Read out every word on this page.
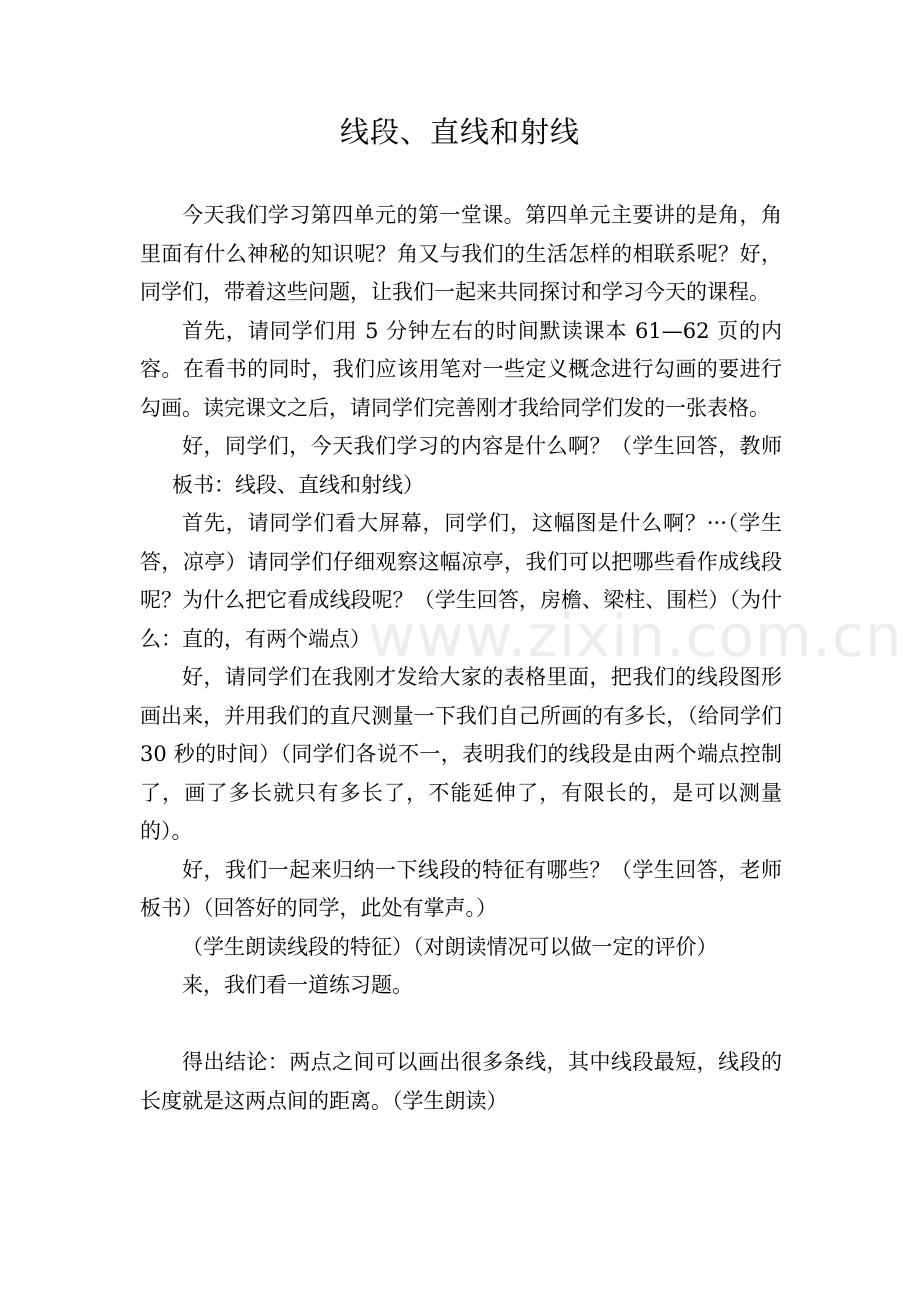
线段、直线和射线

今天我们学习第四单元的第一堂课。第四单元主要讲的是角，角里面有什么神秘的知识呢？角又与我们的生活怎样的相联系呢？好，同学们，带着这些问题，让我们一起来共同探讨和学习今天的课程。

首先，请同学们用 5 分钟左右的时间默读课本 61—62 页的内容。在看书的同时，我们应该用笔对一些定义概念进行勾画的要进行勾画。读完课文之后，请同学们完善刚才我给同学们发的一张表格。

好，同学们，今天我们学习的内容是什么啊？（学生回答，教师板书：线段、直线和射线）

首先，请同学们看大屏幕，同学们，这幅图是什么啊？···（学生答，凉亭）请同学们仔细观察这幅凉亭，我们可以把哪些看作成线段呢？为什么把它看成线段呢？（学生回答，房檐、梁柱、围栏）（为什么：直的，有两个端点）

好，请同学们在我刚才发给大家的表格里面，把我们的线段图形画出来，并用我们的直尺测量一下我们自己所画的有多长，（给同学们 30 秒的时间）（同学们各说不一，表明我们的线段是由两个端点控制了，画了多长就只有多长了，不能延伸了，有限长的，是可以测量的）。

好，我们一起来归纳一下线段的特征有哪些？（学生回答，老师板书）（回答好的同学，此处有掌声。）

（学生朗读线段的特征）（对朗读情况可以做一定的评价）

来，我们看一道练习题。

得出结论：两点之间可以画出很多条线，其中线段最短，线段的长度就是这两点间的距离。（学生朗读）

www.zixin.com.cn
